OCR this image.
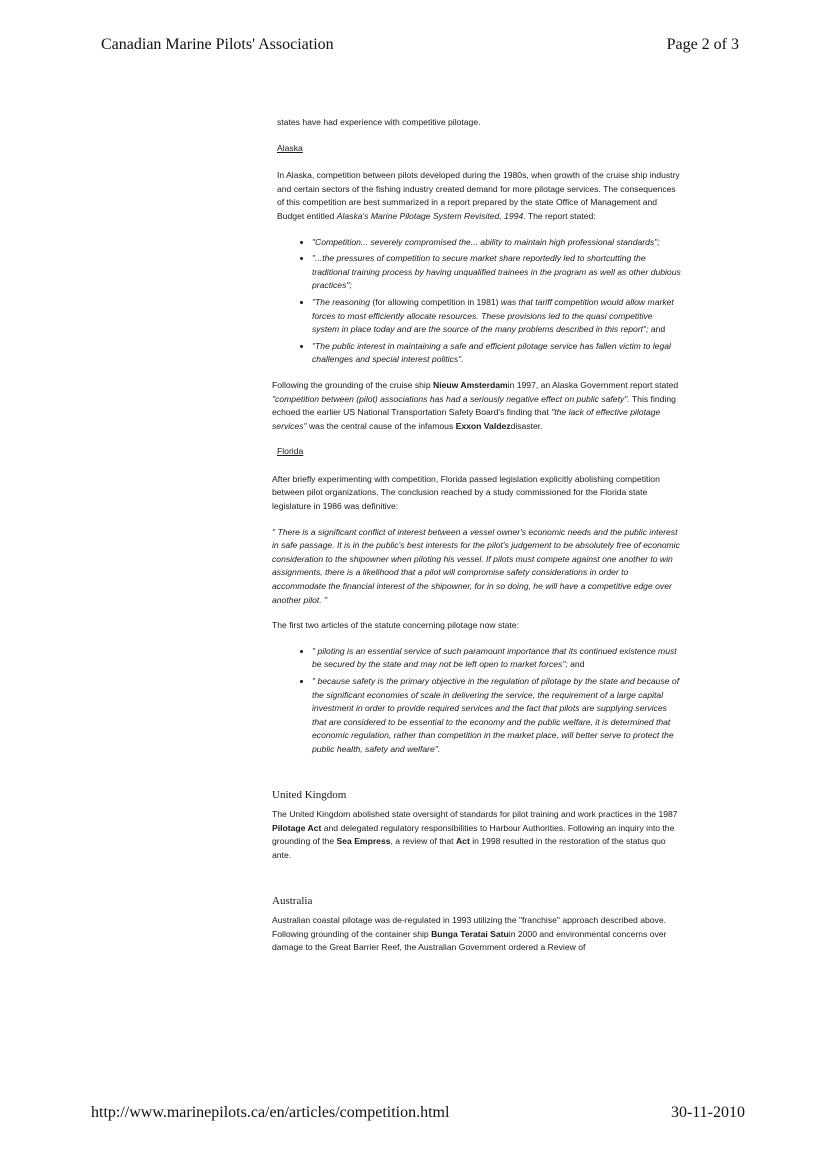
Canadian Marine Pilots' Association	Page 2 of 3

states have had experience with competitive pilotage.

Alaska

In Alaska, competition between pilots developed during the 1980s, when growth of the cruise ship industry and certain sectors of the fishing industry created demand for more pilotage services. The consequences of this competition are best summarized in a report prepared by the state Office of Management and Budget entitled Alaska's Marine Pilotage System Revisited, 1994. The report stated:

• "Competition... severely compromised the... ability to maintain high professional standards";
• "...the pressures of competition to secure market share reportedly led to shortcutting the traditional training process by having unqualified trainees in the program as well as other dubious practices";
• "The reasoning (for allowing competition in 1981) was that tariff competition would allow market forces to most efficiently allocate resources. These provisions led to the quasi competitive system in place today and are the source of the many problems described in this report"; and
• "The public interest in maintaining a safe and efficient pilotage service has fallen victim to legal challenges and special interest politics".

Following the grounding of the cruise ship Nieuw Amsterdamin 1997, an Alaska Government report stated "competition between (pilot) associations has had a seriously negative effect on public safety". This finding echoed the earlier US National Transportation Safety Board's finding that "the lack of effective pilotage services" was the central cause of the infamous Exxon Valdezdisaster.

Florida

After briefly experimenting with competition, Florida passed legislation explicitly abolishing competition between pilot organizations. The conclusion reached by a study commissioned for the Florida state legislature in 1986 was definitive:

" There is a significant conflict of interest between a vessel owner's economic needs and the public interest in safe passage. It is in the public's best interests for the pilot's judgement to be absolutely free of economic consideration to the shipowner when piloting his vessel. If pilots must compete against one another to win assignments, there is a likelihood that a pilot will compromise safety considerations in order to accommodate the financial interest of the shipowner, for in so doing, he will have a competitive edge over another pilot. "

The first two articles of the statute concerning pilotage now state:

• " piloting is an essential service of such paramount importance that its continued existence must be secured by the state and may not be left open to market forces"; and
• " because safety is the primary objective in the regulation of pilotage by the state and because of the significant economies of scale in delivering the service, the requirement of a large capital investment in order to provide required services and the fact that pilots are supplying services that are considered to be essential to the economy and the public welfare, it is determined that economic regulation, rather than competition in the market place, will better serve to protect the public health, safety and welfare".
United Kingdom

The United Kingdom abolished state oversight of standards for pilot training and work practices in the 1987 Pilotage Act and delegated regulatory responsibilities to Harbour Authorities. Following an inquiry into the grounding of the Sea Empress, a review of that Act in 1998 resulted in the restoration of the status quo ante.

Australia

Australian coastal pilotage was de-regulated in 1993 utilizing the "franchise" approach described above. Following grounding of the container ship Bunga Teratai Satuin 2000 and environmental concerns over damage to the Great Barrier Reef, the Australian Government ordered a Review of

http://www.marinepilots.ca/en/articles/competition.html	30-11-2010
